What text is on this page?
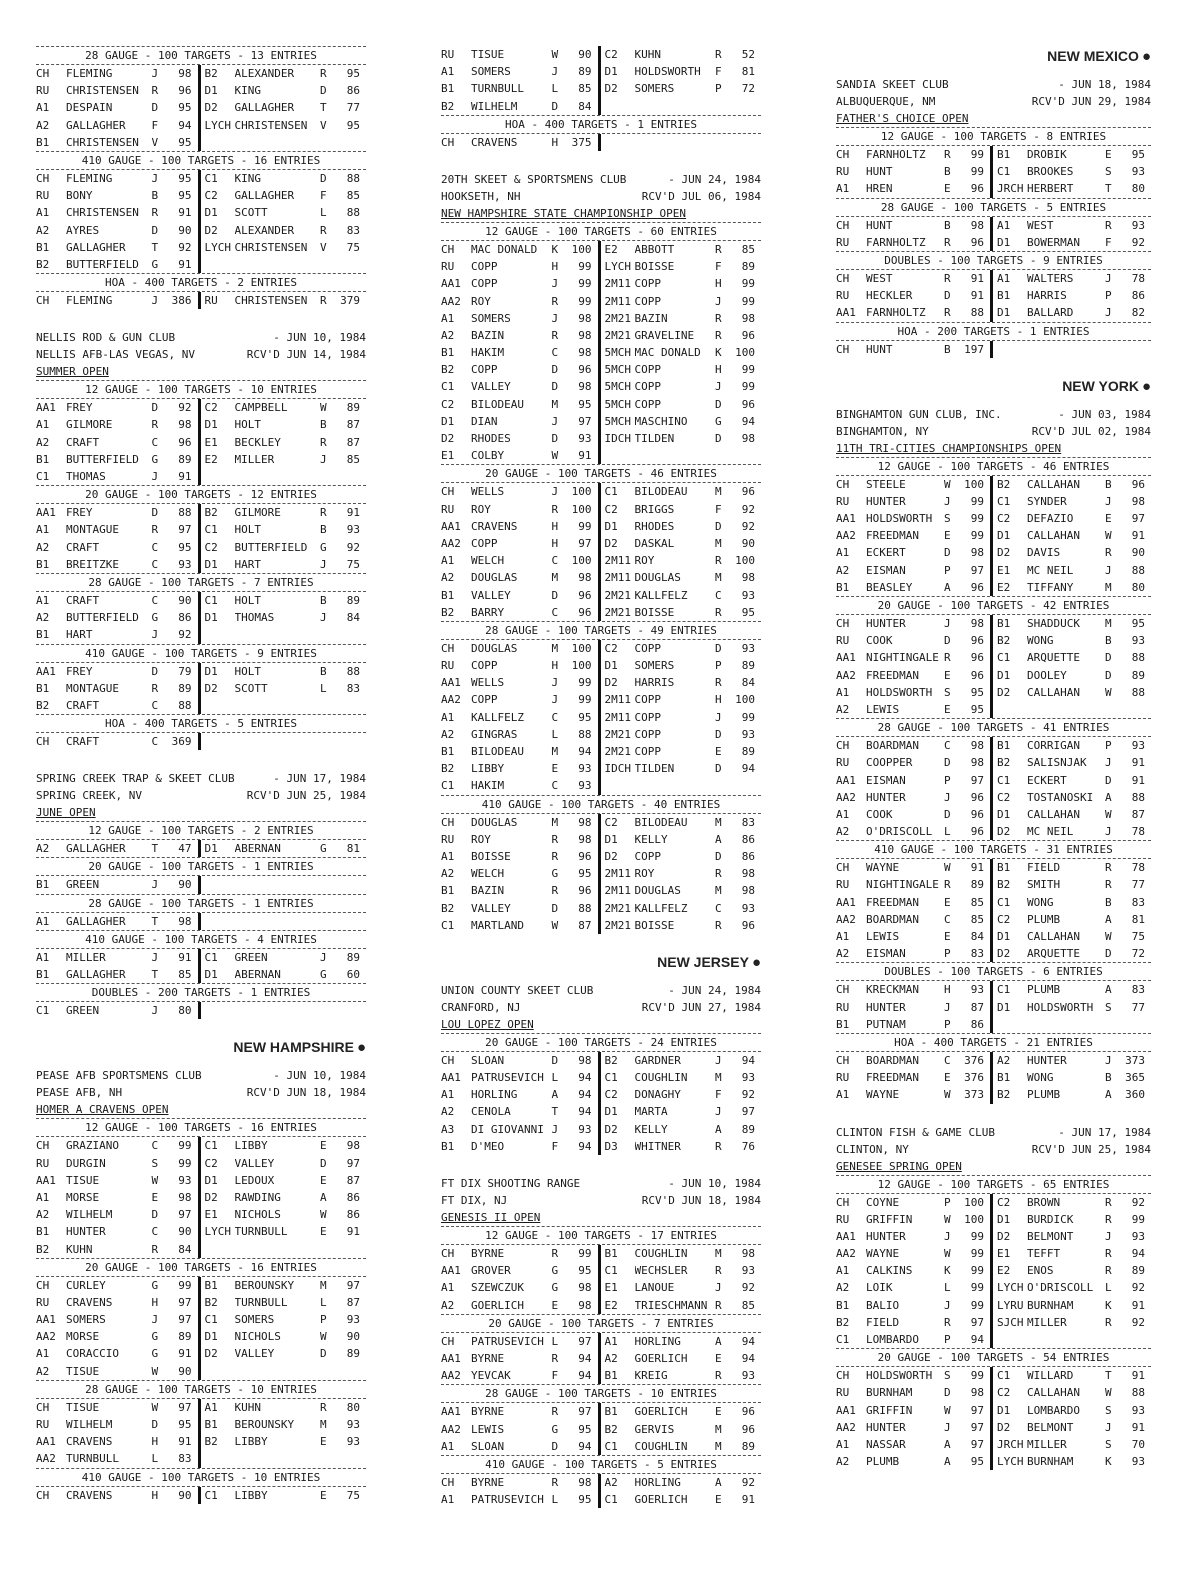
28 GAUGE - 100 TARGETS - 13 ENTRIES
CH	FLEMING	J	98	B2	ALEXANDER	R	95
RU	CHRISTENSEN	R	96	D1	KING	D	86
A1	DESPAIN	D	95	D2	GALLAGHER	T	77
A2	GALLAGHER	F	94	LYCH CHRISTENSEN	V	95
B1	CHRISTENSEN	V	95
410 GAUGE - 100 TARGETS - 16 ENTRIES
CH	FLEMING	J	95	C1	KING	D	88
RU	BONY	B	95	C2	GALLAGHER	F	85
A1	CHRISTENSEN	R	91	D1	SCOTT	L	88
A2	AYRES	D	90	D2	ALEXANDER	R	83
B1	GALLAGHER	T	92	LYCH CHRISTENSEN	V	75
B2	BUTTERFIELD	G	91
HOA - 400 TARGETS - 2 ENTRIES
CH	FLEMING	J	386	RU	CHRISTENSEN	R	379
NELLIS ROD & GUN CLUB	- JUN 10, 1984
NELLIS AFB-LAS VEGAS, NV	RCV'D JUN 14, 1984
SUMMER OPEN
12 GAUGE - 100 TARGETS - 10 ENTRIES
AA1 FREY	D	92	C2	CAMPBELL	W	89
A1	GILMORE	R	98	D1	HOLT	B	87
A2	CRAFT	C	96	E1	BECKLEY	R	87
B1	BUTTERFIELD	G	89	E2	MILLER	J	85
C1	THOMAS	J	91
20 GAUGE - 100 TARGETS - 12 ENTRIES
AA1 FREY	D	88	B2	GILMORE	R	91
A1	MONTAGUE	R	97	C1	HOLT	B	93
A2	CRAFT	C	95	C2	BUTTERFIELD	G	92
B1	BREITZKE	C	93	D1	HART	J	75
28 GAUGE - 100 TARGETS - 7 ENTRIES
A1	CRAFT	C	90	C1	HOLT	B	89
A2	BUTTERFIELD	G	86	D1	THOMAS	J	84
B1	HART	J	92
410 GAUGE - 100 TARGETS - 9 ENTRIES
AA1 FREY	D	79	D1	HOLT	B	88
B1	MONTAGUE	R	89	D2	SCOTT	L	83
B2	CRAFT	C	88
HOA - 400 TARGETS - 5 ENTRIES
CH	CRAFT	C	369
SPRING CREEK TRAP & SKEET CLUB	- JUN 17, 1984
SPRING CREEK, NV	RCV'D JUN 25, 1984
JUNE OPEN
12 GAUGE - 100 TARGETS - 2 ENTRIES
A2	GALLAGHER	T	47	D1	ABERNAN	G	81
20 GAUGE - 100 TARGETS - 1 ENTRIES
B1	GREEN	J	90
28 GAUGE - 100 TARGETS - 1 ENTRIES
A1	GALLAGHER	T	98
410 GAUGE - 100 TARGETS - 4 ENTRIES
A1	MILLER	J	91	C1	GREEN	J	89
B1	GALLAGHER	T	85	D1	ABERNAN	G	60
DOUBLES - 200 TARGETS - 1 ENTRIES
C1	GREEN	J	80
NEW HAMPSHIRE ●
PEASE AFB SPORTSMENS CLUB	- JUN 10, 1984
PEASE AFB, NH	RCV'D JUN 18, 1984
HOMER A CRAVENS OPEN
12 GAUGE - 100 TARGETS - 16 ENTRIES
CH	GRAZIANO	C	99	C1	LIBBY	E	98
RU	DURGIN	S	99	C2	VALLEY	D	97
AA1 TISUE	W	93	D1	LEDOUX	E	87
A1	MORSE	E	98	D2	RAWDING	A	86
A2	WILHELM	D	97	E1	NICHOLS	W	86
B1	HUNTER	C	90	LYCH TURNBULL	E	91
B2	KUHN	R	84
20 GAUGE - 100 TARGETS - 16 ENTRIES
CH	CURLEY	G	99	B1	BEROUNSKY	M	97
RU	CRAVENS	H	97	B2	TURNBULL	L	87
AA1 SOMERS	J	97	C1	SOMERS	P	93
AA2 MORSE	G	89	D1	NICHOLS	W	90
A1	CORACCIO	G	91	D2	VALLEY	D	89
A2	TISUE	W	90
28 GAUGE - 100 TARGETS - 10 ENTRIES
CH	TISUE	W	97	A1	KUHN	R	80
RU	WILHELM	D	95	B1	BEROUNSKY	M	93
AA1 CRAVENS	H	91	B2	LIBBY	E	93
AA2 TURNBULL	L	83
410 GAUGE - 100 TARGETS - 10 ENTRIES
CH	CRAVENS	H	90	C1	LIBBY	E	75
RU	TISUE	W	90	C2	KUHN	R	52
A1	SOMERS	J	89	D1	HOLDSWORTH	F	81
B1	TURNBULL	L	85	D2	SOMERS	P	72
B2	WILHELM	D	84
HOA - 400 TARGETS - 1 ENTRIES
CH	CRAVENS	H	375
20TH SKEET & SPORTSMENS CLUB	- JUN 24, 1984
HOOKSETH, NH	RCV'D JUL 06, 1984
NEW HAMPSHIRE STATE CHAMPIONSHIP OPEN
12 GAUGE - 100 TARGETS - 60 ENTRIES
CH	MAC DONALD	K	100	E2	ABBOTT	R	85
RU	COPP	H	99	LYCH BOISSE	F	89
AA1 COPP	J	99	2M11 COPP	H	99
AA2 ROY	R	99	2M11 COPP	J	99
A1	SOMERS	J	98	2M21 BAZIN	R	98
A2	BAZIN	R	98	2M21 GRAVELINE	R	96
B1	HAKIM	C	98	5MCH MAC DONALD	K	100
B2	COPP	D	96	5MCH COPP	H	99
C1	VALLEY	D	98	5MCH COPP	J	99
C2	BILODEAU	M	95	5MCH COPP	D	96
D1	DIAN	J	97	5MCH MASCHINO	G	94
D2	RHODES	D	93	IDCH TILDEN	D	98
E1	COLBY	W	91
20 GAUGE - 100 TARGETS - 46 ENTRIES
CH	WELLS	J	100	C1	BILODEAU	M	96
RU	ROY	R	100	C2	BRIGGS	F	92
AA1 CRAVENS	H	99	D1	RHODES	D	92
AA2 COPP	H	97	D2	DASKAL	M	90
A1	WELCH	C	100	2M11 ROY	R	100
A2	DOUGLAS	M	98	2M11 DOUGLAS	M	98
B1	VALLEY	D	96	2M21 KALLFELZ	C	93
B2	BARRY	C	96	2M21 BOISSE	R	95
28 GAUGE - 100 TARGETS - 49 ENTRIES
CH	DOUGLAS	M	100	C2	COPP	D	93
RU	COPP	H	100	D1	SOMERS	P	89
AA1 WELLS	J	99	D2	HARRIS	R	84
AA2 COPP	J	99	2M11 COPP	H	100
A1	KALLFELZ	C	95	2M11 COPP	J	99
A2	GINGRAS	L	88	2M21 COPP	D	93
B1	BILODEAU	M	94	2M21 COPP	E	89
B2	LIBBY	E	93	IDCH TILDEN	D	94
C1	HAKIM	C	93
410 GAUGE - 100 TARGETS - 40 ENTRIES
CH	DOUGLAS	M	98	C2	BILODEAU	M	83
RU	ROY	R	98	D1	KELLY	A	86
A1	BOISSE	R	96	D2	COPP	D	86
A2	WELCH	G	95	2M11 ROY	R	98
B1	BAZIN	R	96	2M11 DOUGLAS	M	98
B2	VALLEY	D	88	2M21 KALLFELZ	C	93
C1	MARTLAND	W	87	2M21 BOISSE	R	96
NEW JERSEY ●
UNION COUNTY SKEET CLUB	- JUN 24, 1984
CRANFORD, NJ	RCV'D JUN 27, 1984
LOU LOPEZ OPEN
20 GAUGE - 100 TARGETS - 24 ENTRIES
CH	SLOAN	D	98	B2	GARDNER	J	94
AA1 PATRUSEVICH L	94	C1	COUGHLIN	M	93
A1	HORLING	A	94	C2	DONAGHY	F	92
A2	CENOLA	T	94	D1	MARTA	J	97
A3	DI GIOVANNI J	93	D2	KELLY	A	89
B1	D'MEO	F	94	D3	WHITNER	R	76
FT DIX SHOOTING RANGE	- JUN 10, 1984
FT DIX, NJ	RCV'D JUN 18, 1984
GENESIS II OPEN
12 GAUGE - 100 TARGETS - 17 ENTRIES
CH	BYRNE	R	99	B1	COUGHLIN	M	98
AA1 GROVER	G	95	C1	WECHSLER	R	93
A1	SZEWCZUK	G	98	E1	LANOUE	J	92
A2	GOERLICH	E	98	E2	TRIESCHMANN R	85
20 GAUGE - 100 TARGETS - 7 ENTRIES
CH	PATRUSEVICH L	97	A1	HORLING	A	94
AA1 BYRNE	R	94	A2	GOERLICH	E	94
AA2 YEVCAK	F	94	B1	KREIG	R	93
28 GAUGE - 100 TARGETS - 10 ENTRIES
AA1 BYRNE	R	97	B1	GOERLICH	E	96
AA2 LEWIS	G	95	B2	GERVIS	M	96
A1	SLOAN	D	94	C1	COUGHLIN	M	89
410 GAUGE - 100 TARGETS - 5 ENTRIES
CH	BYRNE	R	98	A2	HORLING	A	92
A1	PATRUSEVICH L	95	C1	GOERLICH	E	91
NEW MEXICO ●
SANDIA SKEET CLUB	- JUN 18, 1984
ALBUQUERQUE, NM	RCV'D JUN 29, 1984
FATHER'S CHOICE OPEN
12 GAUGE - 100 TARGETS - 8 ENTRIES
CH	FARNHOLTZ	R	99	B1	DROBIK	E	95
RU	HUNT	B	99	C1	BROOKES	S	93
A1	HREN	E	96	JRCH HERBERT	T	80
28 GAUGE - 100 TARGETS - 5 ENTRIES
CH	HUNT	B	98	A1	WEST	R	93
RU	FARNHOLTZ	R	96	D1	BOWERMAN	F	92
DOUBLES - 100 TARGETS - 9 ENTRIES
CH	WEST	R	91	A1	WALTERS	J	78
RU	HECKLER	D	91	B1	HARRIS	P	86
AA1 FARNHOLTZ	R	88	D1	BALLARD	J	82
HOA - 200 TARGETS - 1 ENTRIES
CH	HUNT	B	197
NEW YORK ●
BINGHAMTON GUN CLUB, INC.	- JUN 03, 1984
BINGHAMTON, NY	RCV'D JUL 02, 1984
11TH TRI-CITIES CHAMPIONSHIPS OPEN
12 GAUGE - 100 TARGETS - 46 ENTRIES
CH	STEELE	W	100	B2	CALLAHAN	B	96
RU	HUNTER	J	99	C1	SYNDER	J	98
AA1 HOLDSWORTH	S	99	C2	DEFAZIO	E	97
AA2 FREEDMAN	E	99	D1	CALLAHAN	W	91
A1	ECKERT	D	98	D2	DAVIS	R	90
A2	EISMAN	P	97	E1	MC NEIL	J	88
B1	BEASLEY	A	96	E2	TIFFANY	M	80
20 GAUGE - 100 TARGETS - 42 ENTRIES
CH	HUNTER	J	98	B1	SHADDUCK	M	95
RU	COOK	D	96	B2	WONG	B	93
AA1 NIGHTINGALE R	96	C1	ARQUETTE	D	88
AA2 FREEDMAN	E	96	D1	DOOLEY	D	89
A1	HOLDSWORTH	S	95	D2	CALLAHAN	W	88
A2	LEWIS	E	95
28 GAUGE - 100 TARGETS - 41 ENTRIES
CH	BOARDMAN	C	98	B1	CORRIGAN	P	93
RU	COOPPER	D	98	B2	SALISNJAK	J	91
AA1 EISMAN	P	97	C1	ECKERT	D	91
AA2 HUNTER	J	96	C2	TOSTANOSKI	A	88
A1	COOK	D	96	D1	CALLAHAN	W	87
A2	O'DRISCOLL	L	96	D2	MC NEIL	J	78
410 GAUGE - 100 TARGETS - 31 ENTRIES
CH	WAYNE	W	91	B1	FIELD	R	78
RU	NIGHTINGALE R	89	B2	SMITH	R	77
AA1 FREEDMAN	E	85	C1	WONG	B	83
AA2 BOARDMAN	C	85	C2	PLUMB	A	81
A1	LEWIS	E	84	D1	CALLAHAN	W	75
A2	EISMAN	P	83	D2	ARQUETTE	D	72
DOUBLES - 100 TARGETS - 6 ENTRIES
CH	KRECKMAN	H	93	C1	PLUMB	A	83
RU	HUNTER	J	87	D1	HOLDSWORTH	S	77
B1	PUTNAM	P	86
HOA - 400 TARGETS - 21 ENTRIES
CH	BOARDMAN	C	376	A2	HUNTER	J	373
RU	FREEDMAN	E	376	B1	WONG	B	365
A1	WAYNE	W	373	B2	PLUMB	A	360
CLINTON FISH & GAME CLUB	- JUN 17, 1984
CLINTON, NY	RCV'D JUN 25, 1984
GENESEE SPRING OPEN
12 GAUGE - 100 TARGETS - 65 ENTRIES
CH	COYNE	P	100	C2	BROWN	R	92
RU	GRIFFIN	W	100	D1	BURDICK	R	99
AA1 HUNTER	J	99	D2	BELMONT	J	93
AA2 WAYNE	W	99	E1	TEFFT	R	94
A1	CALKINS	K	99	E2	ENOS	R	89
A2	LOIK	L	99	LYCH O'DRISCOLL	L	92
B1	BALIO	J	99	LYRU BURNHAM	K	91
B2	FIELD	R	97	SJCH MILLER	R	92
C1	LOMBARDO	P	94
20 GAUGE - 100 TARGETS - 54 ENTRIES
CH	HOLDSWORTH	S	99	C1	WILLARD	T	91
RU	BURNHAM	D	98	C2	CALLAHAN	W	88
AA1 GRIFFIN	W	97	D1	LOMBARDO	S	93
AA2 HUNTER	J	97	D2	BELMONT	J	91
A1	NASSAR	A	97	JRCH MILLER	S	70
A2	PLUMB	A	95	LYCH BURNHAM	K	93
